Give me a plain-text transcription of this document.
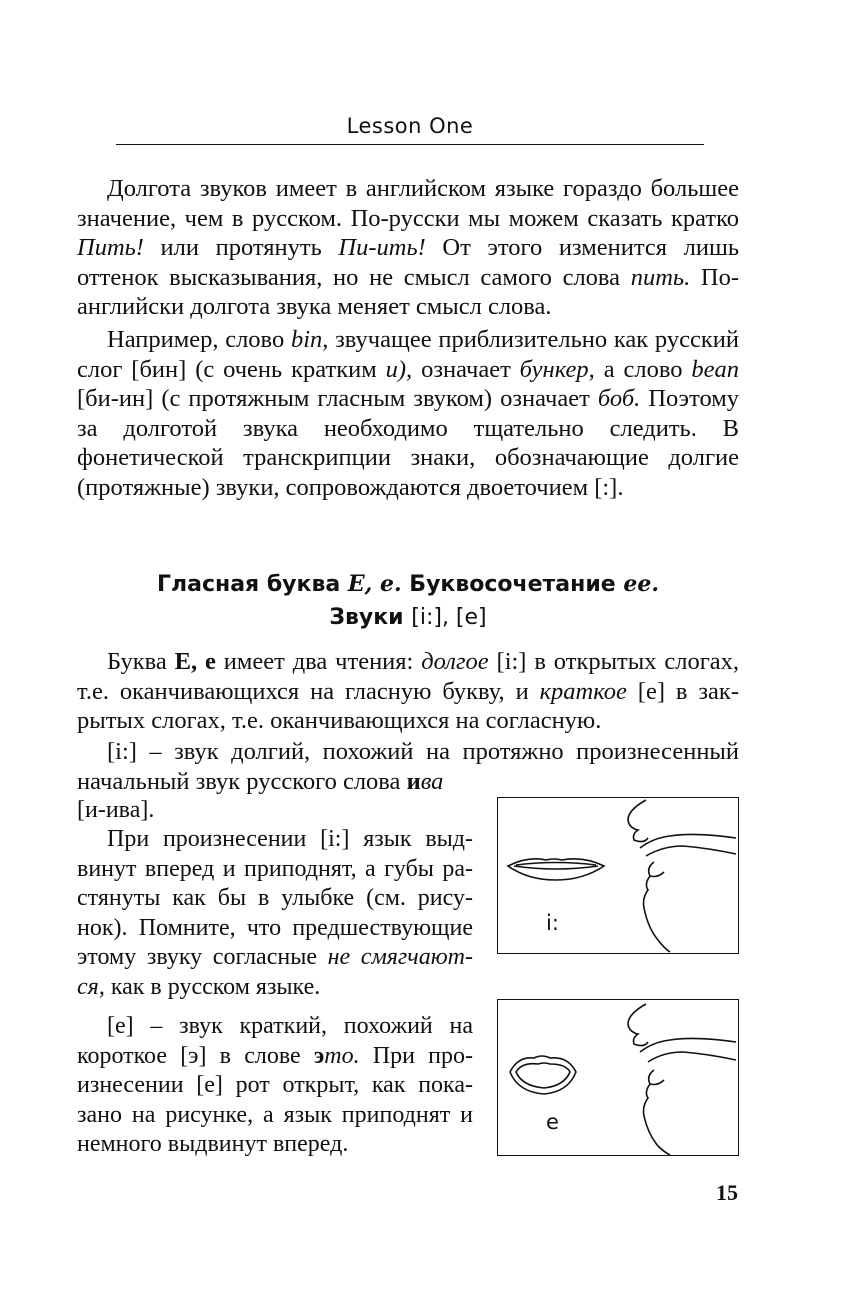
Lesson One

Долгота звуков имеет в английском языке гораздо большее значение, чем в русском. По-русски мы можем сказать кратко Пить! или протянуть Пи-ить! От этого изменится лишь оттенок высказывания, но не смысл самого слова пить. По-английски долгота звука меняет смысл слова.

Например, слово bin, звучащее приблизительно как русский слог [бин] (с очень кратким и), означает бункер, а слово bean [би-ин] (с протяжным гласным звуком) означает боб. Поэтому за долготой звука необходимо тщательно следить. В фонетической транскрипции знаки, обозначающие долгие (протяжные) звуки, сопровождаются двоеточием [:].

Гласная буква E, e. Буквосочетание ee.
Звуки [i:], [e]

Буква E, e имеет два чтения: долгое [i:] в открытых слогах, т.е. оканчивающихся на гласную букву, и краткое [e] в закрытых слогах, т.е. оканчивающихся на согласную.

[i:] – звук долгий, похожий на протяжно произнесенный начальный звук русского слова ива

[и-ива].

При произнесении [i:] язык выдвинут вперед и приподнят, а губы растянуты как бы в улыбке (см. рисунок). Помните, что предшествующие этому звуку согласные не смягчаются, как в русском языке.

[e] – звук краткий, похожий на короткое [э] в слове это. При произнесении [e] рот открыт, как показано на рисунке, а язык приподнят и немного выдвинут вперед.

i:
e
15
